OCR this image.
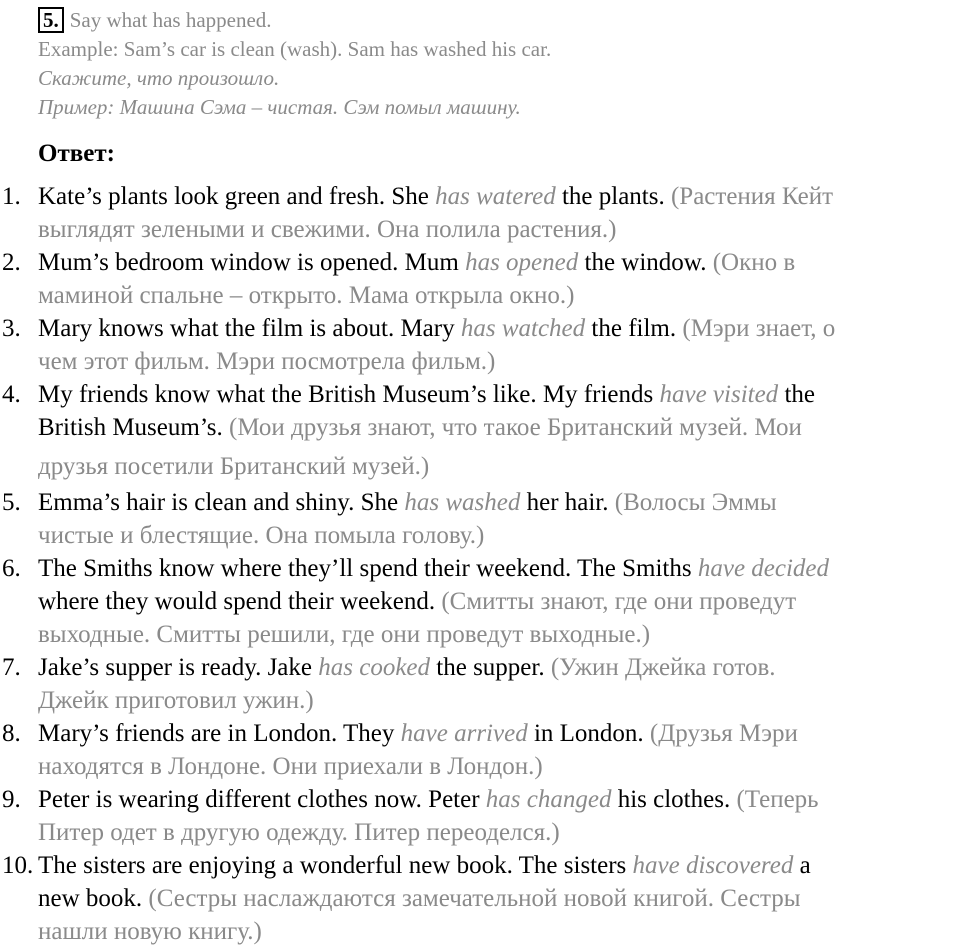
5. Say what has happened.
Example: Sam’s car is clean (wash). Sam has washed his car.
Скажите, что произошло.
Пример: Машина Сэма – чистая. Сэм помыл машину.
Ответ:
1. Kate’s plants look green and fresh. She has watered the plants. (Растения Кейт
выглядят зелеными и свежими. Она полила растения.)
2. Mum’s bedroom window is opened. Mum has opened the window. (Окно в
маминой спальне – открыто. Мама открыла окно.)
3. Mary knows what the film is about. Mary has watched the film. (Мэри знает, о
чем этот фильм. Мэри посмотрела фильм.)
4. My friends know what the British Museum’s like. My friends have visited the
British Museum’s. (Мои друзья знают, что такое Британский музей. Мои
друзья посетили Британский музей.)
5. Emma’s hair is clean and shiny. She has washed her hair. (Волосы Эммы
чистые и блестящие. Она помыла голову.)
6. The Smiths know where they’ll spend their weekend. The Smiths have decided
where they would spend their weekend. (Смитты знают, где они проведут
выходные. Смитты решили, где они проведут выходные.)
7. Jake’s supper is ready. Jake has cooked the supper. (Ужин Джейка готов.
Джейк приготовил ужин.)
8. Mary’s friends are in London. They have arrived in London. (Друзья Мэри
находятся в Лондоне. Они приехали в Лондон.)
9. Peter is wearing different clothes now. Peter has changed his clothes. (Теперь
Питер одет в другую одежду. Питер переоделся.)
10. The sisters are enjoying a wonderful new book. The sisters have discovered a
new book. (Сестры наслаждаются замечательной новой книгой. Сестры
нашли новую книгу.)
